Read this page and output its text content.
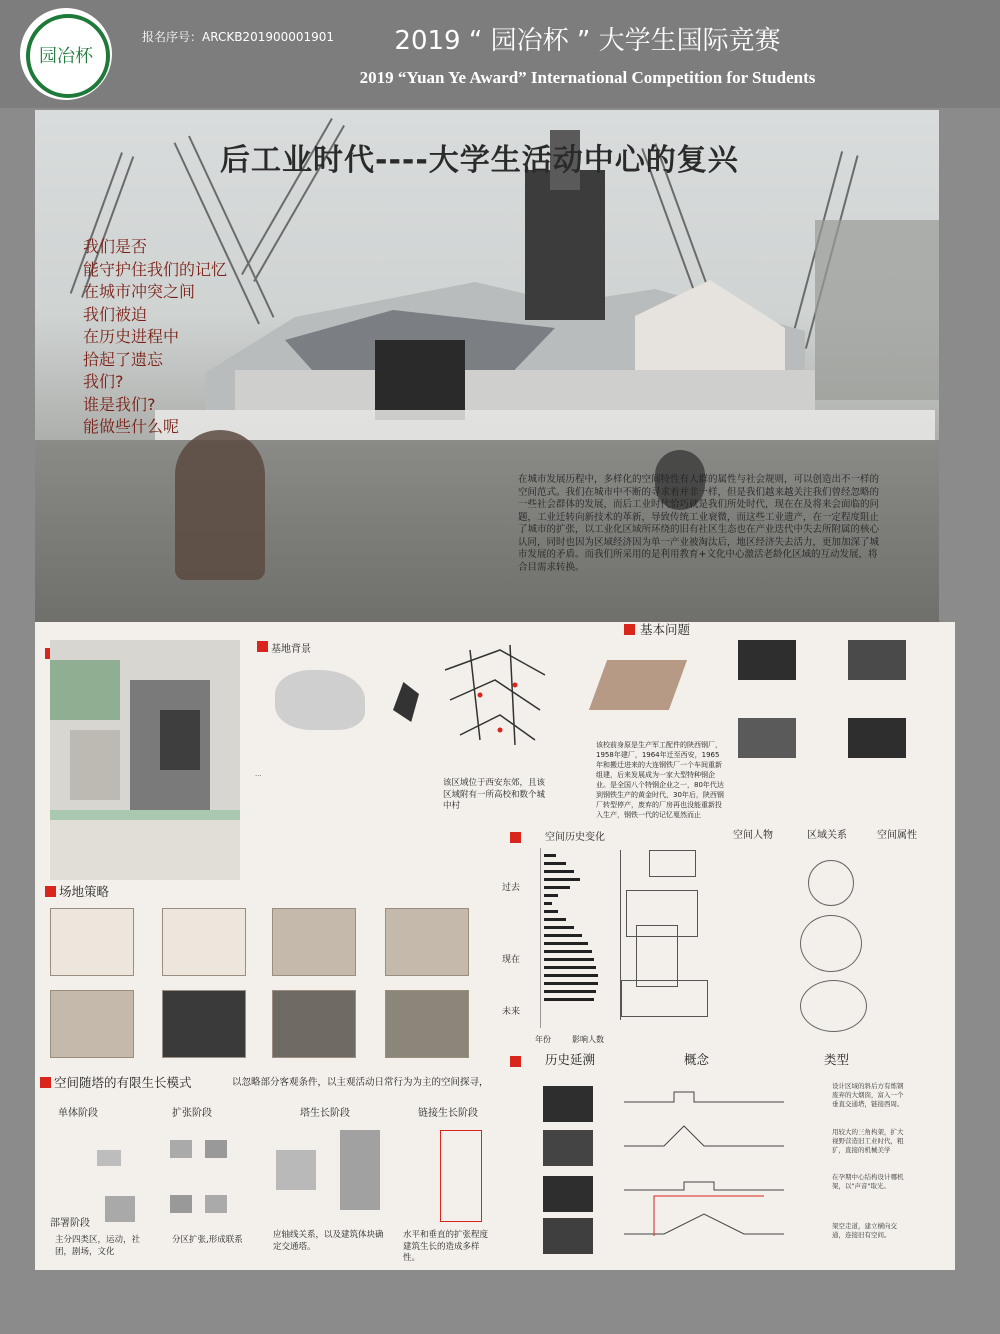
园冶杯
报名序号：ARCKB201900001901	2019 “ 园冶杯 ” 大学生国际竞赛
2019 “Yuan Ye Award” International Competition for Students
后工业时代----大学生活动中心的复兴
我们是否
能守护住我们的记忆
在城市冲突之间
我们被迫
在历史进程中
拾起了遗忘
我们?
谁是我们?
能做些什么呢
在城市发展历程中，多样化的空间特性有人群的属性与社会规则，可以创造出不一样的空间范式。我们在城市中不断的寻求着并非一样，但是我们越来越关注我们曾经忽略的一些社会群体的发展，而后工业时代恰巧就是我们所处时代，现在在及将来会面临的问题，工业迁转向新技术的革新，导致传统工业衰微，而这些工业遗产，在一定程度阻止了城市的扩张，以工业化区域所环绕的旧有社区生态也在产业迭代中失去所附属的核心认同，同时也因为区域经济因为单一产业被淘汰后，地区经济失去活力，更加加深了城市发展的矛盾。而我们所采用的是利用教育+文化中心激活老龄化区域的互动发展，将合目需求转换。
…
基地背景
该区域位于西安东郊，且该区域附有一所高校和数个城中村
基本问题
该校前身原是生产军工配件的陕西钢厂，1958年建厂，1964年迁至西安，1965年和搬迁进来的大连钢铁厂一个车间重新组建，后来发展成为一家大型特种钢企业。是全国八个特钢企业之一，80年代达到钢铁生产的黄金时代，30年后，陕西钢厂转型停产，废弃的厂房再也没能重新投入生产，钢铁一代的记忆戛然而止
场地策略
空间随塔的有限生长模式	以忽略部分客观条件，以主观活动日常行为为主的空间探寻，
单体阶段	扩张阶段	塔生长阶段	链接生长阶段
部署阶段
主分四类区，运动，社团，剧场，文化
分区扩张,形成联系	应轴线关系，以及建筑体块确定交通塔。
水平和垂直的扩张程度建筑生长的造成多样性。
空间历史变化
过去
现在
未来
年份	影响人数
空间人物	区域关系	空间属性
历史延溯	概念	类型
设计区域的斜后方有炼钢废弃的大烟囱，富入一个垂直交通塔，链接西周。
用较大的三角构架，扩大视野营造旧工业时代，粗犷，直接的机械美学
在孕期中心结构设计哪机架，以"声音"取光。
架空走道，建立横向交通，连接旧有空间。
